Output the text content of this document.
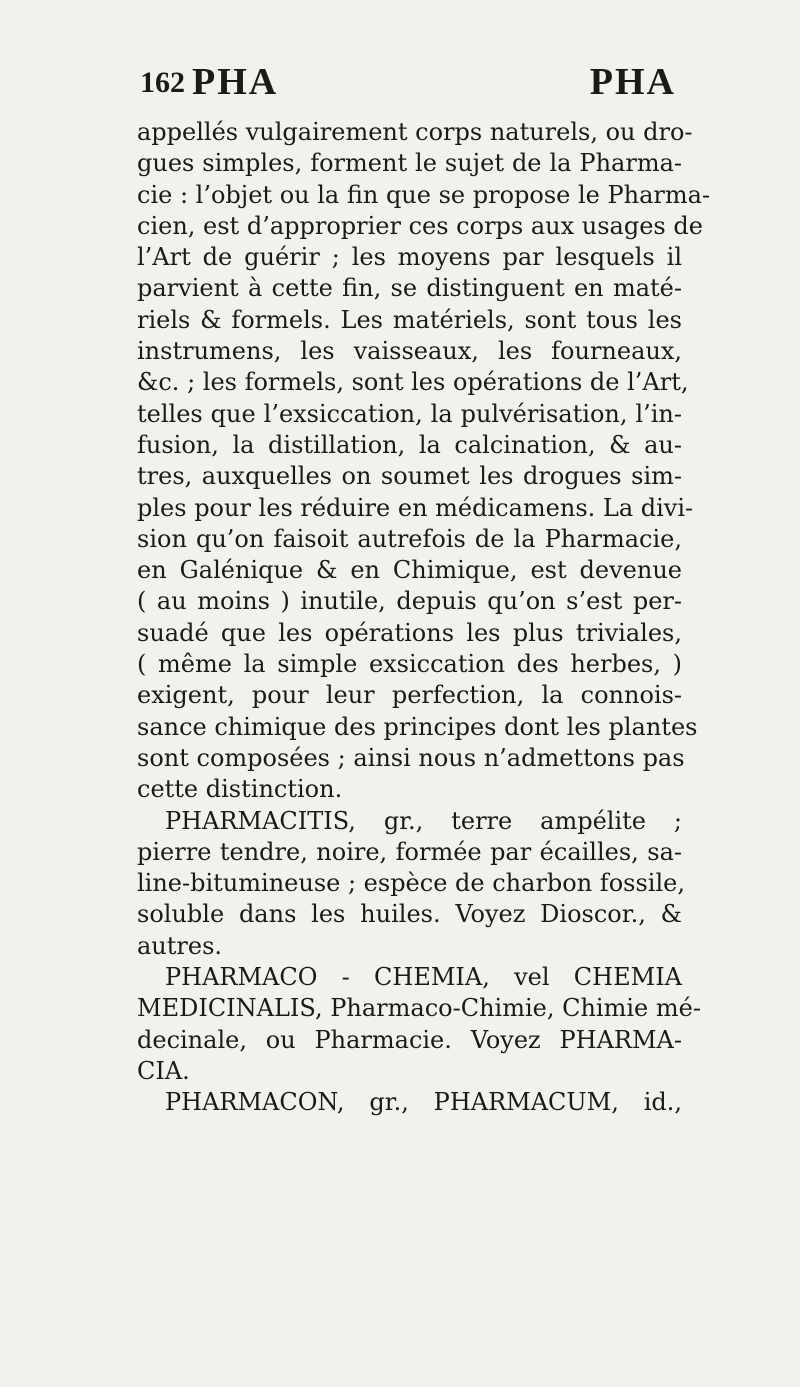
162 PHA	PHA
appellés vulgairement corps naturels, ou dro-
gues simples, forment le sujet de la Pharma-
cie : l’objet ou la fin que se propose le Pharma-
cien, est d’approprier ces corps aux usages de
l’Art de guérir ; les moyens par lesquels il
parvient à cette fin, se distinguent en maté-
riels & formels. Les matériels, sont tous les
instrumens, les vaisseaux, les fourneaux,
&c. ; les formels, sont les opérations de l’Art,
telles que l’exsiccation, la pulvérisation, l’in-
fusion, la distillation, la calcination, & au-
tres, auxquelles on soumet les drogues sim-
ples pour les réduire en médicamens. La divi-
sion qu’on faisoit autrefois de la Pharmacie,
en Galénique & en Chimique, est devenue
( au moins ) inutile, depuis qu’on s’est per-
suadé que les opérations les plus triviales,
( même la simple exsiccation des herbes, )
exigent, pour leur perfection, la connois-
sance chimique des principes dont les plantes
sont composées ; ainsi nous n’admettons pas
cette distinction.
PHARMACITIS, gr., terre ampélite ;
pierre tendre, noire, formée par écailles, sa-
line-bitumineuse ; espèce de charbon fossile,
soluble dans les huiles. Voyez Dioscor., &
autres.
PHARMACO - CHEMIA, vel CHEMIA
MEDICINALIS, Pharmaco-Chimie, Chimie mé-
decinale, ou Pharmacie. Voyez PHARMA-
CIA.
PHARMACON, gr., PHARMACUM, id.,
